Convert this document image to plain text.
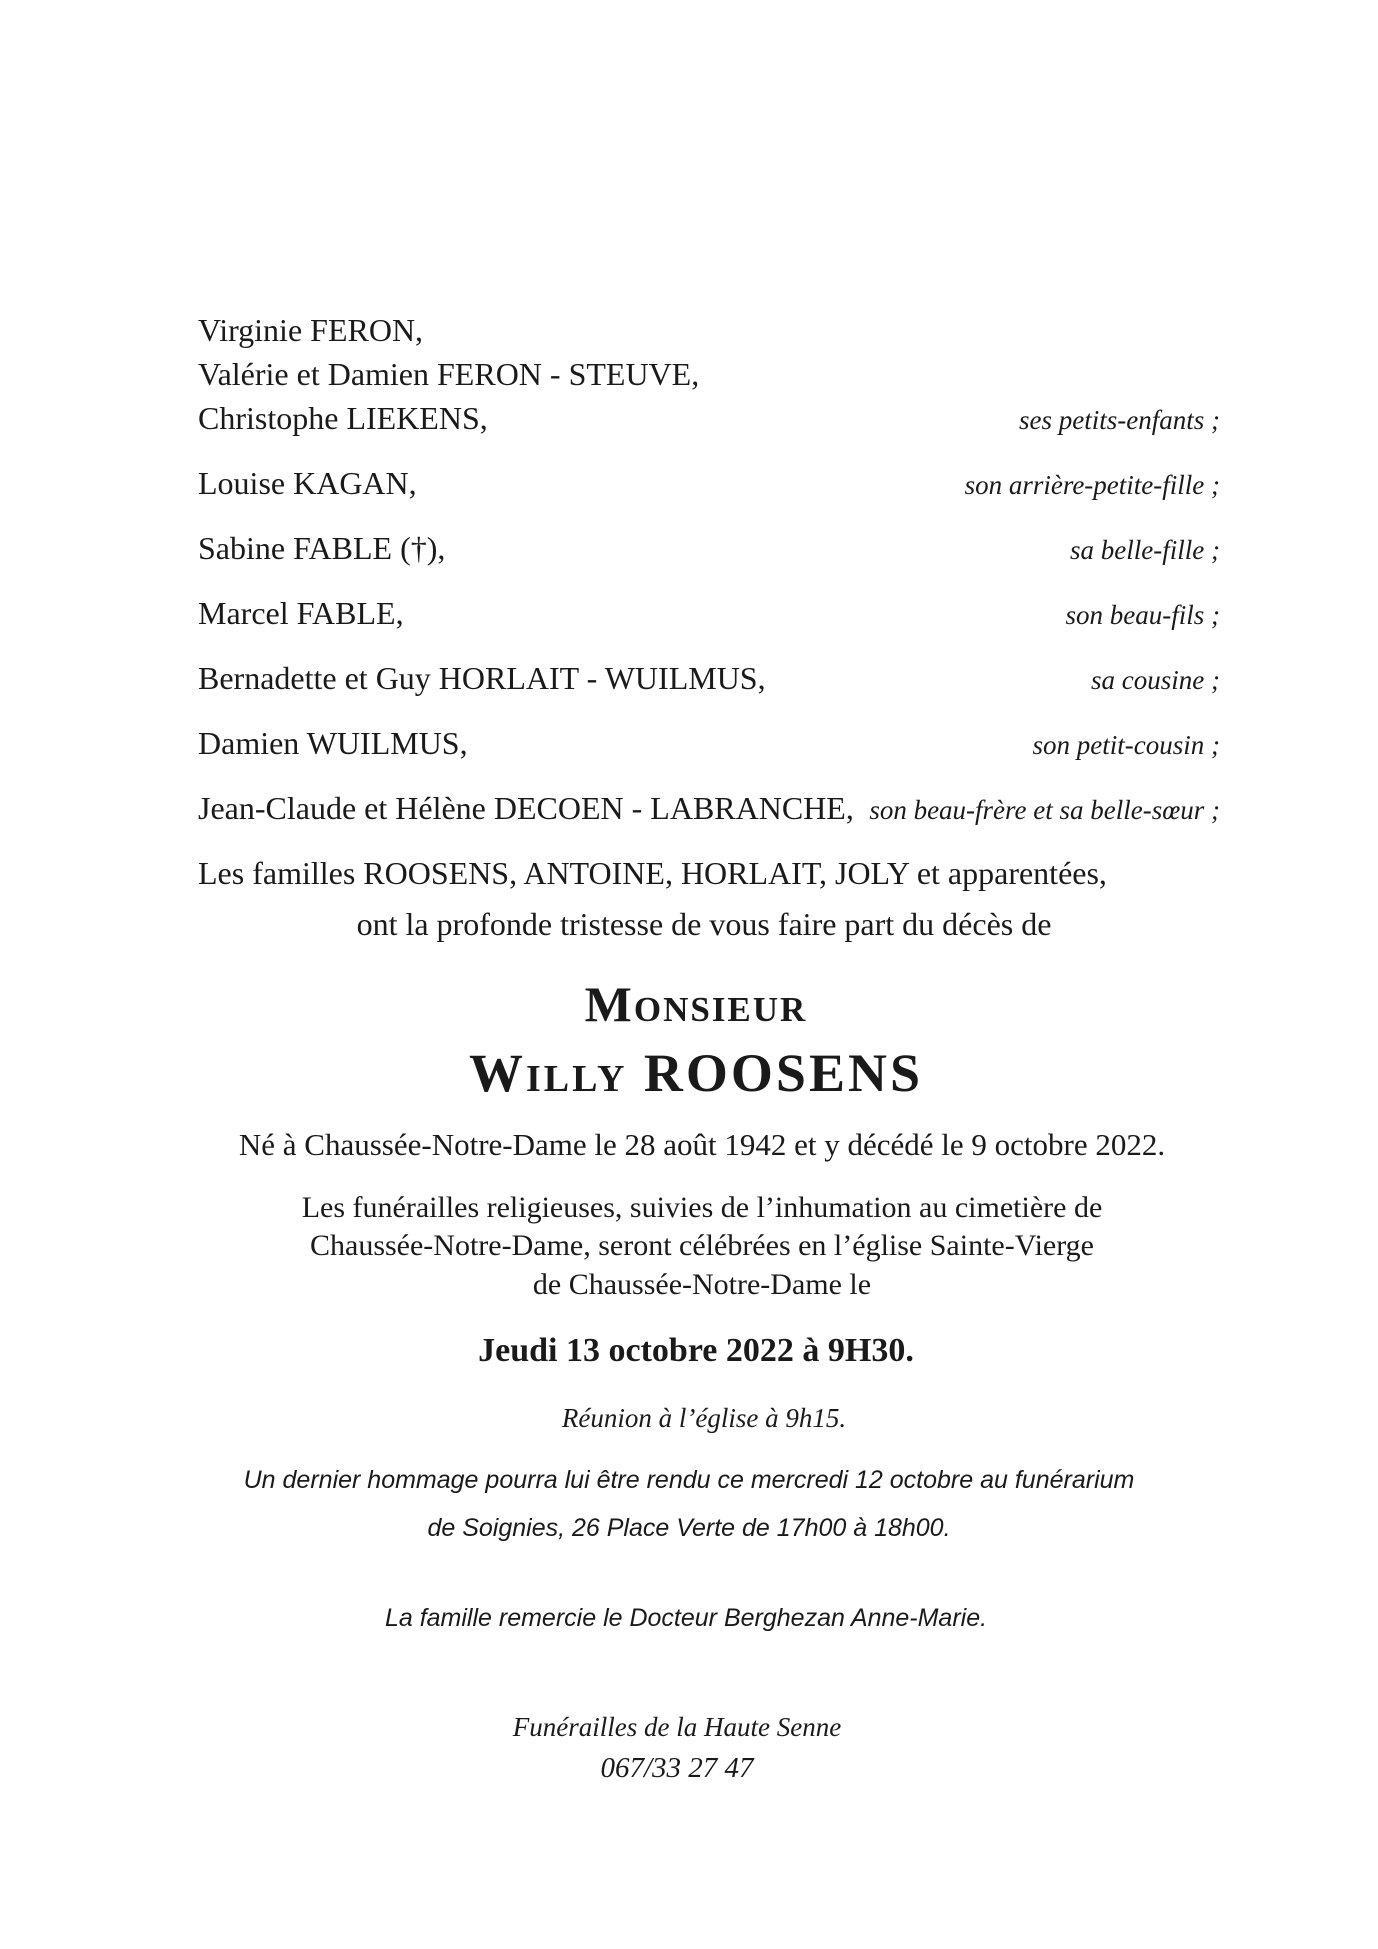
Virginie FERON,
Valérie et Damien FERON - STEUVE,
Christophe LIEKENS,	ses petits-enfants ;
Louise KAGAN,	son arrière-petite-fille ;
Sabine FABLE (†),	sa belle-fille ;
Marcel FABLE,	son beau-fils ;
Bernadette et Guy HORLAIT - WUILMUS,	sa cousine ;
Damien WUILMUS,	son petit-cousin ;
Jean-Claude et Hélène DECOEN - LABRANCHE, son beau-frère et sa belle-sœur ;
Les familles ROOSENS, ANTOINE, HORLAIT, JOLY et apparentées,
ont la profonde tristesse de vous faire part du décès de
Monsieur
Willy ROOSENS
Né à Chaussée-Notre-Dame le 28 août 1942 et y décédé le 9 octobre 2022.
Les funérailles religieuses, suivies de l’inhumation au cimetière de
Chaussée-Notre-Dame, seront célébrées en l’église Sainte-Vierge
de Chaussée-Notre-Dame le
Jeudi 13 octobre 2022 à 9H30.
Réunion à l’église à 9h15.
Un dernier hommage pourra lui être rendu ce mercredi 12 octobre au funérarium
de Soignies, 26 Place Verte de 17h00 à 18h00.
La famille remercie le Docteur Berghezan Anne-Marie.
Funérailles de la Haute Senne
067/33 27 47
